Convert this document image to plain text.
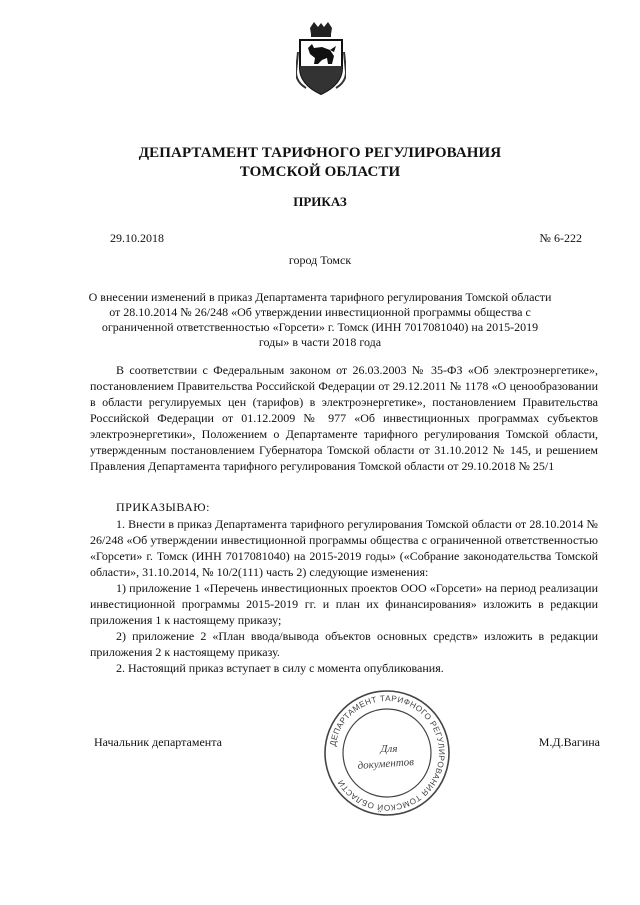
ДЕПАРТАМЕНТ ТАРИФНОГО РЕГУЛИРОВАНИЯ
ТОМСКОЙ ОБЛАСТИ
ПРИКАЗ
29.10.2018	№ 6-222
город Томск
О внесении изменений в приказ Департамента тарифного регулирования Томской области от 28.10.2014 № 26/248 «Об утверждении инвестиционной программы общества с ограниченной ответственностью «Горсети» г. Томск (ИНН 7017081040) на 2015-2019 годы» в части 2018 года

В соответствии с Федеральным законом от 26.03.2003 № 35-ФЗ «Об электроэнергетике», постановлением Правительства Российской Федерации от 29.12.2011 № 1178 «О ценообразовании в области регулируемых цен (тарифов) в электроэнергетике», постановлением Правительства Российской Федерации от 01.12.2009 № 977 «Об инвестиционных программах субъектов электроэнергетики», Положением о Департаменте тарифного регулирования Томской области, утвержденным постановлением Губернатора Томской области от 31.10.2012 № 145, и решением Правления Департамента тарифного регулирования Томской области от 29.10.2018 № 25/1

ПРИКАЗЫВАЮ:

1. Внести в приказ Департамента тарифного регулирования Томской области от 28.10.2014 № 26/248 «Об утверждении инвестиционной программы общества с ограниченной ответственностью «Горсети» г. Томск (ИНН 7017081040) на 2015-2019 годы» («Собрание законодательства Томской области», 31.10.2014, № 10/2(111) часть 2) следующие изменения:

1) приложение 1 «Перечень инвестиционных проектов ООО «Горсети» на период реализации инвестиционной программы 2015-2019 гг. и план их финансирования» изложить в редакции приложения 1 к настоящему приказу;

2) приложение 2 «План ввода/вывода объектов основных средств» изложить в редакции приложения 2 к настоящему приказу.

2. Настоящий приказ вступает в силу с момента опубликования.

Начальник департамента	М.Д.Вагина
ДЕПАРТАМЕНТ ТАРИФНОГО РЕГУЛИРОВАНИЯ ТОМСКОЙ ОБЛАСТИ
Для
документов
